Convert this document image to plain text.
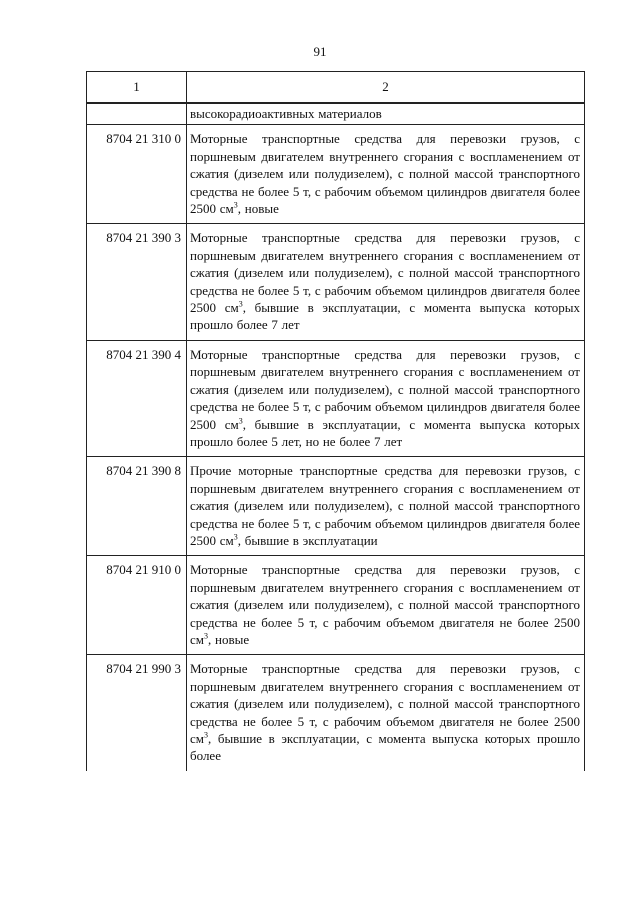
91
1	2
	высокорадиоактивных материалов
8704 21 310 0	Моторные транспортные средства для перевозки грузов, с поршневым двигателем внутреннего сгорания с воспламенением от сжатия (дизелем или полудизелем), с полной массой транспортного средства не более 5 т, с рабочим объемом цилиндров двигателя более 2500 $см^3$, новые
8704 21 390 3	Моторные транспортные средства для перевозки грузов, с поршневым двигателем внутреннего сгорания с воспламенением от сжатия (дизелем или полудизелем), с полной массой транспортного средства не более 5 т, с рабочим объемом цилиндров двигателя более 2500 $см^3$, бывшие в эксплуатации, с момента выпуска которых прошло более 7 лет
8704 21 390 4	Моторные транспортные средства для перевозки грузов, с поршневым двигателем внутреннего сгорания с воспламенением от сжатия (дизелем или полудизелем), с полной массой транспортного средства не более 5 т, с рабочим объемом цилиндров двигателя более 2500 $см^3$, бывшие в эксплуатации, с момента выпуска которых прошло более 5 лет, но не более 7 лет
8704 21 390 8	Прочие моторные транспортные средства для перевозки грузов, с поршневым двигателем внутреннего сгорания с воспламенением от сжатия (дизелем или полудизелем), с полной массой транспортного средства не более 5 т, с рабочим объемом цилиндров двигателя более 2500 $см^3$, бывшие в эксплуатации
8704 21 910 0	Моторные транспортные средства для перевозки грузов, с поршневым двигателем внутреннего сгорания с воспламенением от сжатия (дизелем или полудизелем), с полной массой транспортного средства не более 5 т, с рабочим объемом двигателя не более 2500 $см^3$, новые
8704 21 990 3	Моторные транспортные средства для перевозки грузов, с поршневым двигателем внутреннего сгорания с воспламенением от сжатия (дизелем или полудизелем), с полной массой транспортного средства не более 5 т, с рабочим объемом двигателя не более 2500 $см^3$, бывшие в эксплуатации, с момента выпуска которых прошло более
